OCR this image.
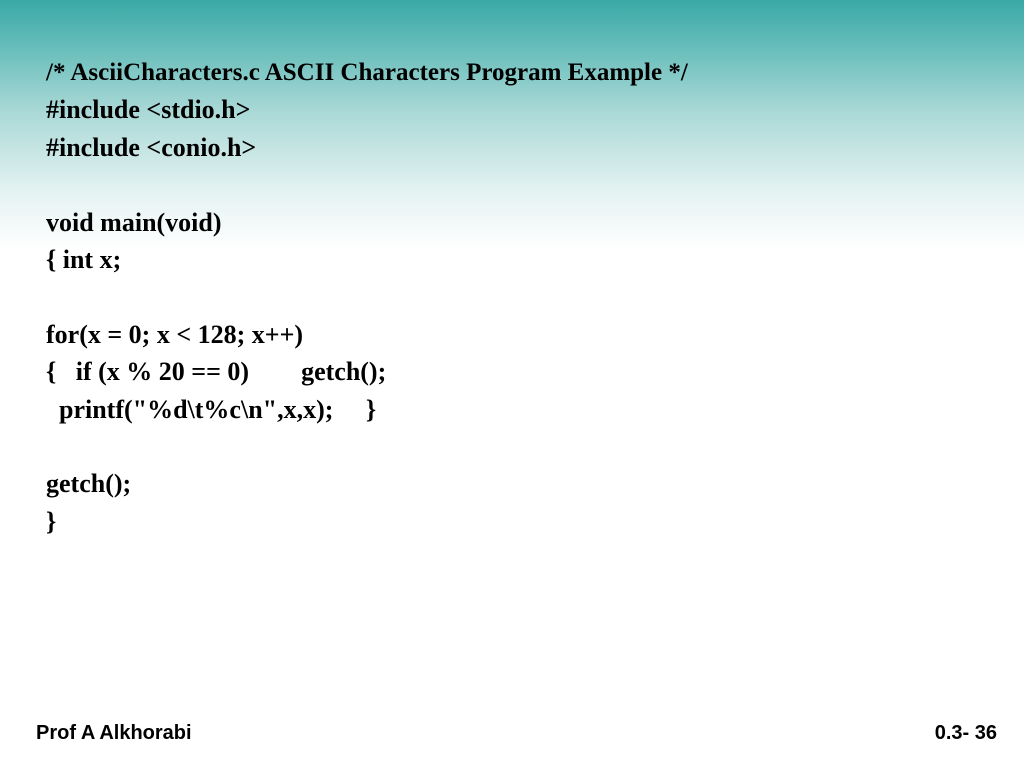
/* AsciiCharacters.c ASCII Characters Program Example */
#include <stdio.h>
#include <conio.h>
void main(void)
{ int x;
for(x = 0; x < 128; x++)
{   if (x % 20 == 0)        getch();
printf("%d\t%c\n",x,x);     }
getch();
}
Prof A Alkhorabi	0.3- 36
